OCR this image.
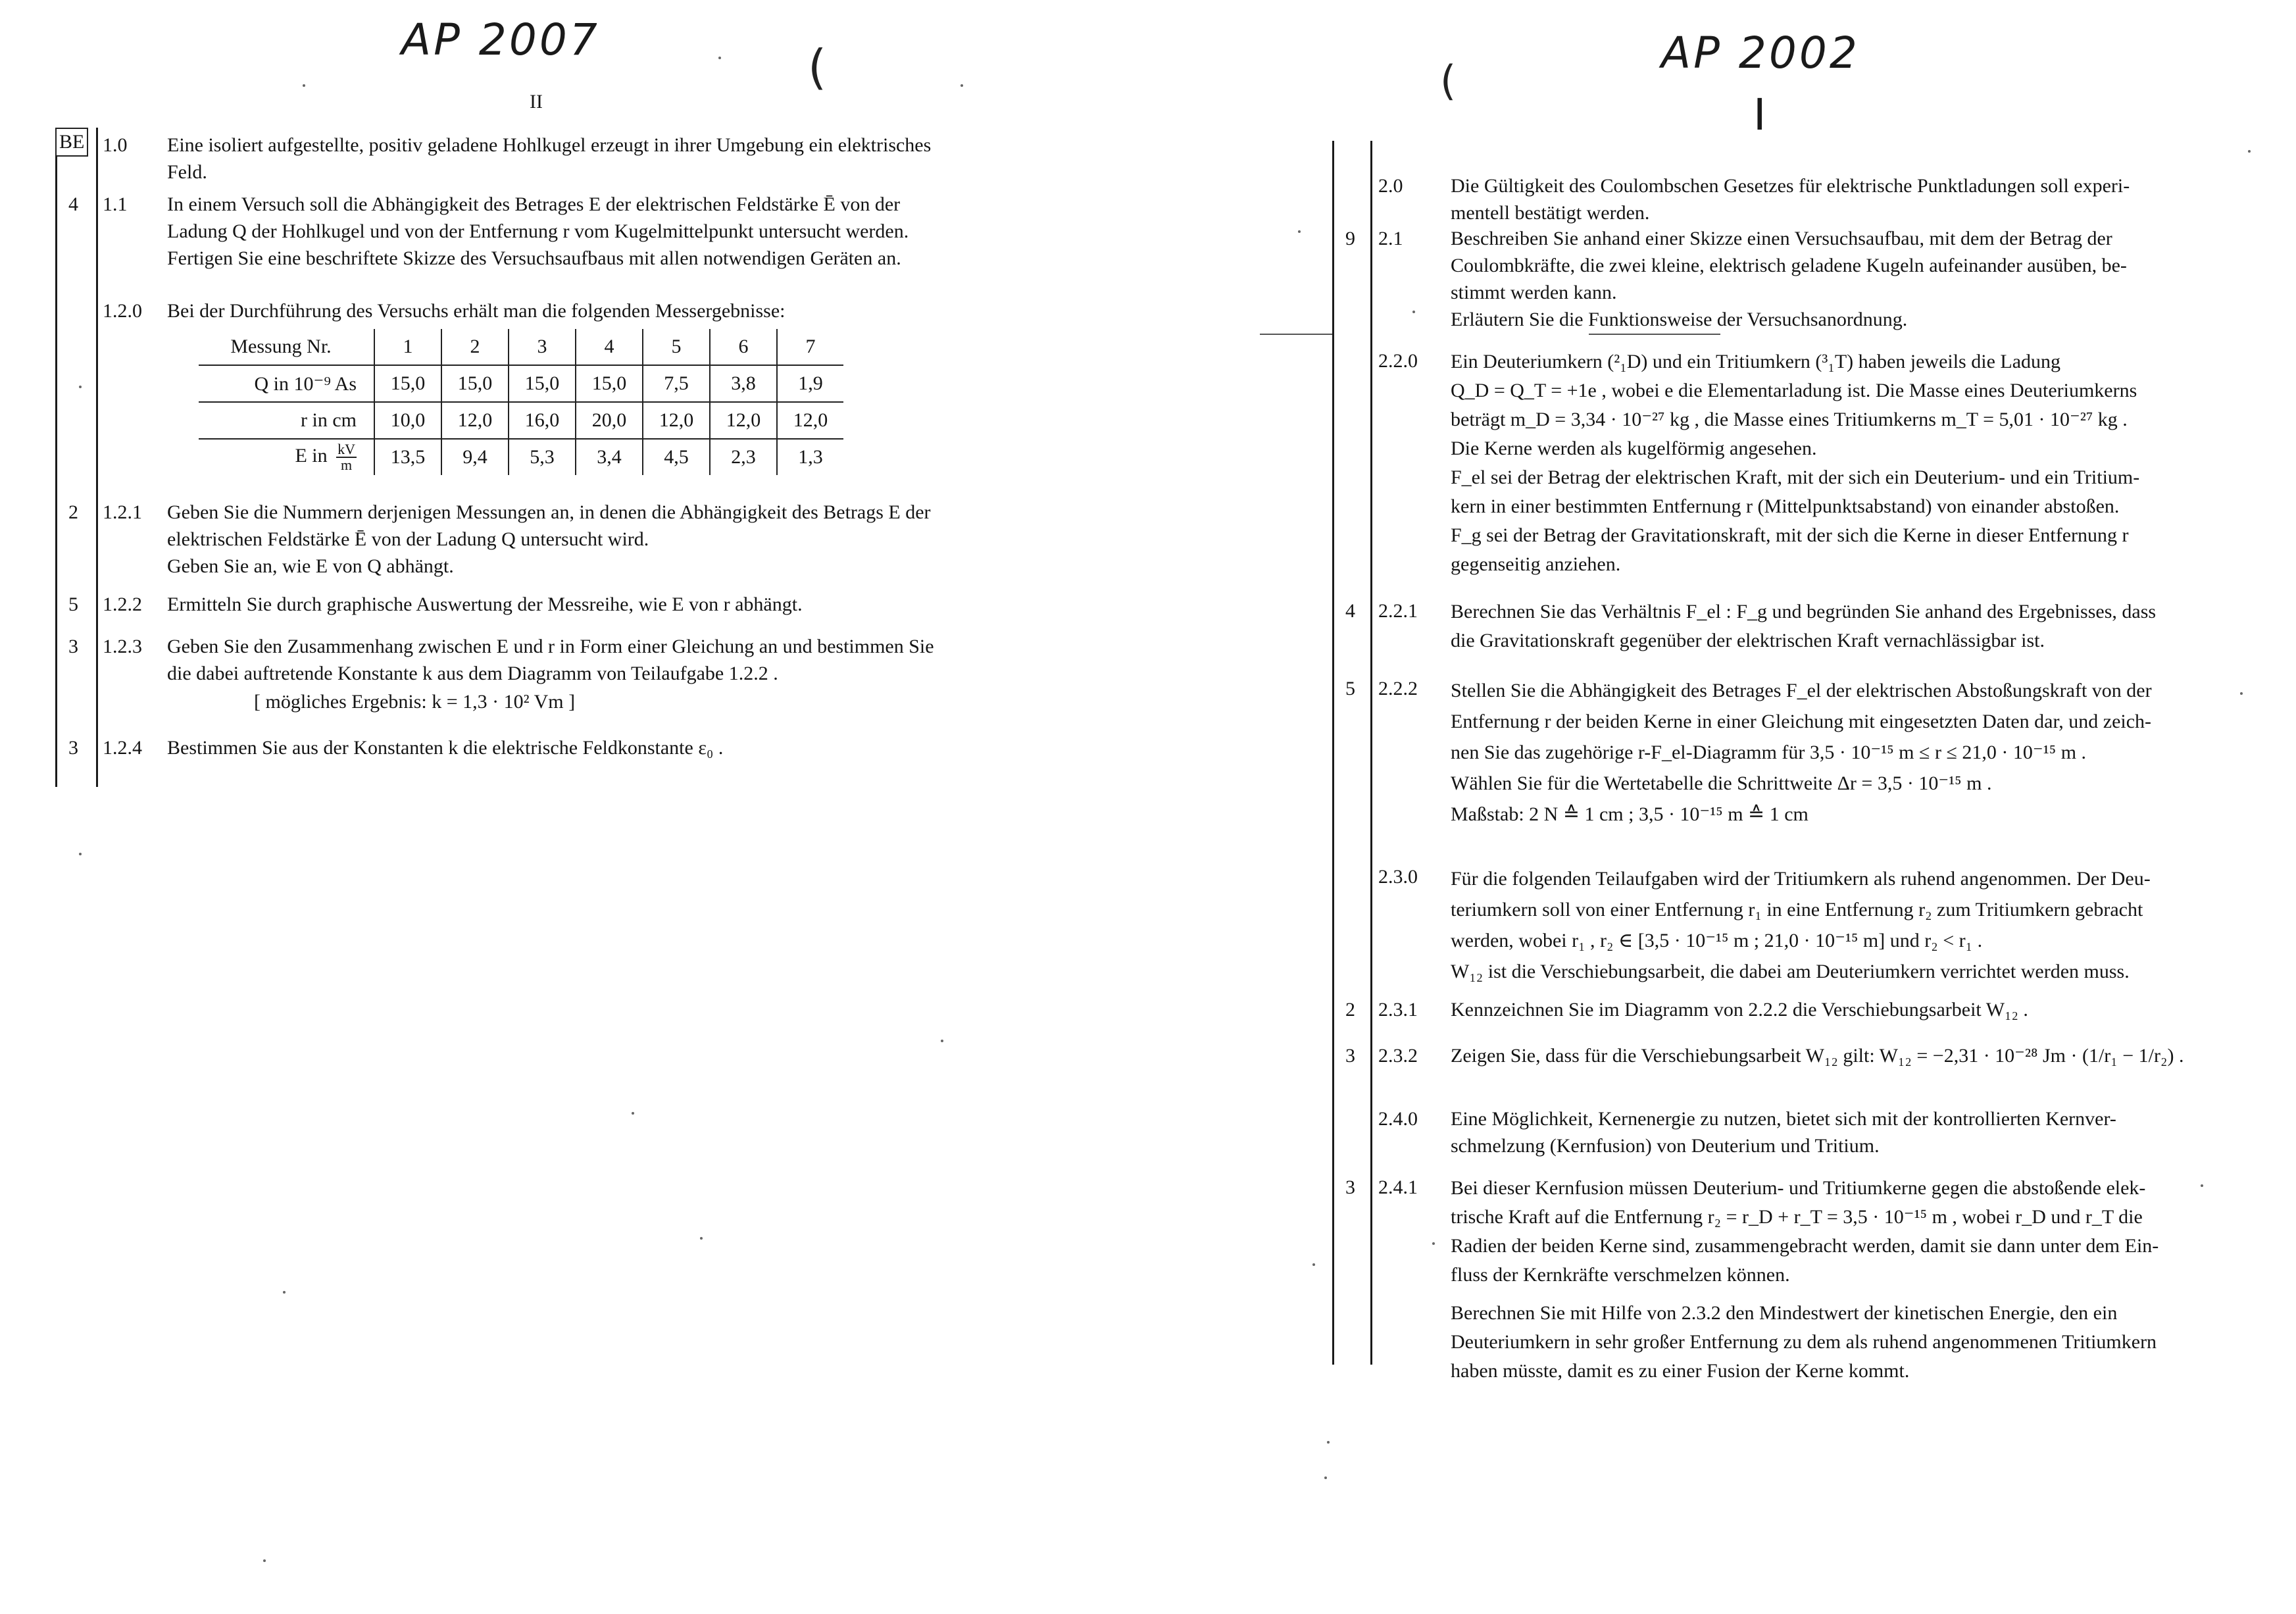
AP 2007	(
II
BE 1.0 Eine isoliert aufgestellte, positiv geladene Hohlkugel erzeugt in ihrer Umgebung ein elektrisches

Feld.

4 1.1 In einem Versuch soll die Abhängigkeit des Betrages E der elektrischen Feldstärke Ē von der

Ladung Q der Hohlkugel und von der Entfernung r vom Kugelmittelpunkt untersucht werden.

Fertigen Sie eine beschriftete Skizze des Versuchsaufbaus mit allen notwendigen Geräten an.

1.2.0 Bei der Durchführung des Versuchs erhält man die folgenden Messergebnisse:

Messung Nr.	1	2	3	4	5	6	7
Q in 10⁻⁹ As	15,0	15,0	15,0	15,0	7,5	3,8	1,9
r in cm	10,0	12,0	16,0	20,0	12,0	12,0	12,0
E in $\frac{kV}{m}$	13,5	9,4	5,3	3,4	4,5	2,3	1,3
2 1.2.1 Geben Sie die Nummern derjenigen Messungen an, in denen die Abhängigkeit des Betrags E der

elektrischen Feldstärke Ē von der Ladung Q untersucht wird.

Geben Sie an, wie E von Q abhängt.

5 1.2.2 Ermitteln Sie durch graphische Auswertung der Messreihe, wie E von r abhängt.

3 1.2.3 Geben Sie den Zusammenhang zwischen E und r in Form einer Gleichung an und bestimmen Sie

die dabei auftretende Konstante k aus dem Diagramm von Teilaufgabe 1.2.2 .

[ mögliches Ergebnis: k = 1,3 · 10² Vm ]
3 1.2.4 Bestimmen Sie aus der Konstanten k die elektrische Feldkonstante ε₀ .

AP 2002
I
(
2.0 Die Gültigkeit des Coulombschen Gesetzes für elektrische Punktladungen soll experi-

mentell bestätigt werden.

9 2.1 Beschreiben Sie anhand einer Skizze einen Versuchsaufbau, mit dem der Betrag der

Coulombkräfte, die zwei kleine, elektrisch geladene Kugeln aufeinander ausüben, be-

stimmt werden kann.

Erläutern Sie die Funktionsweise der Versuchsanordnung.

2.2.0 Ein Deuteriumkern (²₁D) und ein Tritiumkern (³₁T) haben jeweils die Ladung

Q_D = Q_T = +1e , wobei e die Elementarladung ist. Die Masse eines Deuteriumkerns

beträgt m_D = 3,34 · 10⁻²⁷ kg , die Masse eines Tritiumkerns m_T = 5,01 · 10⁻²⁷ kg .

Die Kerne werden als kugelförmig angesehen.

F_el sei der Betrag der elektrischen Kraft, mit der sich ein Deuterium- und ein Tritium-

kern in einer bestimmten Entfernung r (Mittelpunktsabstand) von einander abstoßen.

F_g sei der Betrag der Gravitationskraft, mit der sich die Kerne in dieser Entfernung r

gegenseitig anziehen.

4 2.2.1 Berechnen Sie das Verhältnis F_el : F_g und begründen Sie anhand des Ergebnisses, dass

die Gravitationskraft gegenüber der elektrischen Kraft vernachlässigbar ist.

5 2.2.2 Stellen Sie die Abhängigkeit des Betrages F_el der elektrischen Abstoßungskraft von der

Entfernung r der beiden Kerne in einer Gleichung mit eingesetzten Daten dar, und zeich-

nen Sie das zugehörige r-F_el-Diagramm für 3,5 · 10⁻¹⁵ m ≤ r ≤ 21,0 · 10⁻¹⁵ m .

Wählen Sie für die Wertetabelle die Schrittweite Δr = 3,5 · 10⁻¹⁵ m .

Maßstab: 2 N ≙ 1 cm ; 3,5 · 10⁻¹⁵ m ≙ 1 cm

2.3.0 Für die folgenden Teilaufgaben wird der Tritiumkern als ruhend angenommen. Der Deu-

teriumkern soll von einer Entfernung r₁ in eine Entfernung r₂ zum Tritiumkern gebracht

werden, wobei r₁ , r₂ ∈ [3,5 · 10⁻¹⁵ m ; 21,0 · 10⁻¹⁵ m] und r₂ < r₁ .

W₁₂ ist die Verschiebungsarbeit, die dabei am Deuteriumkern verrichtet werden muss.

2 2.3.1 Kennzeichnen Sie im Diagramm von 2.2.2 die Verschiebungsarbeit W₁₂ .

3 2.3.2 Zeigen Sie, dass für die Verschiebungsarbeit W₁₂ gilt: W₁₂ = −2,31 · 10⁻²⁸ Jm · (1/r₁ − 1/r₂) .

2.4.0 Eine Möglichkeit, Kernenergie zu nutzen, bietet sich mit der kontrollierten Kernver-

schmelzung (Kernfusion) von Deuterium und Tritium.

3 2.4.1 Bei dieser Kernfusion müssen Deuterium- und Tritiumkerne gegen die abstoßende elek-

trische Kraft auf die Entfernung r₂ = r_D + r_T = 3,5 · 10⁻¹⁵ m , wobei r_D und r_T die

Radien der beiden Kerne sind, zusammengebracht werden, damit sie dann unter dem Ein-

fluss der Kernkräfte verschmelzen können.

Berechnen Sie mit Hilfe von 2.3.2 den Mindestwert der kinetischen Energie, den ein

Deuteriumkern in sehr großer Entfernung zu dem als ruhend angenommenen Tritiumkern

haben müsste, damit es zu einer Fusion der Kerne kommt.
